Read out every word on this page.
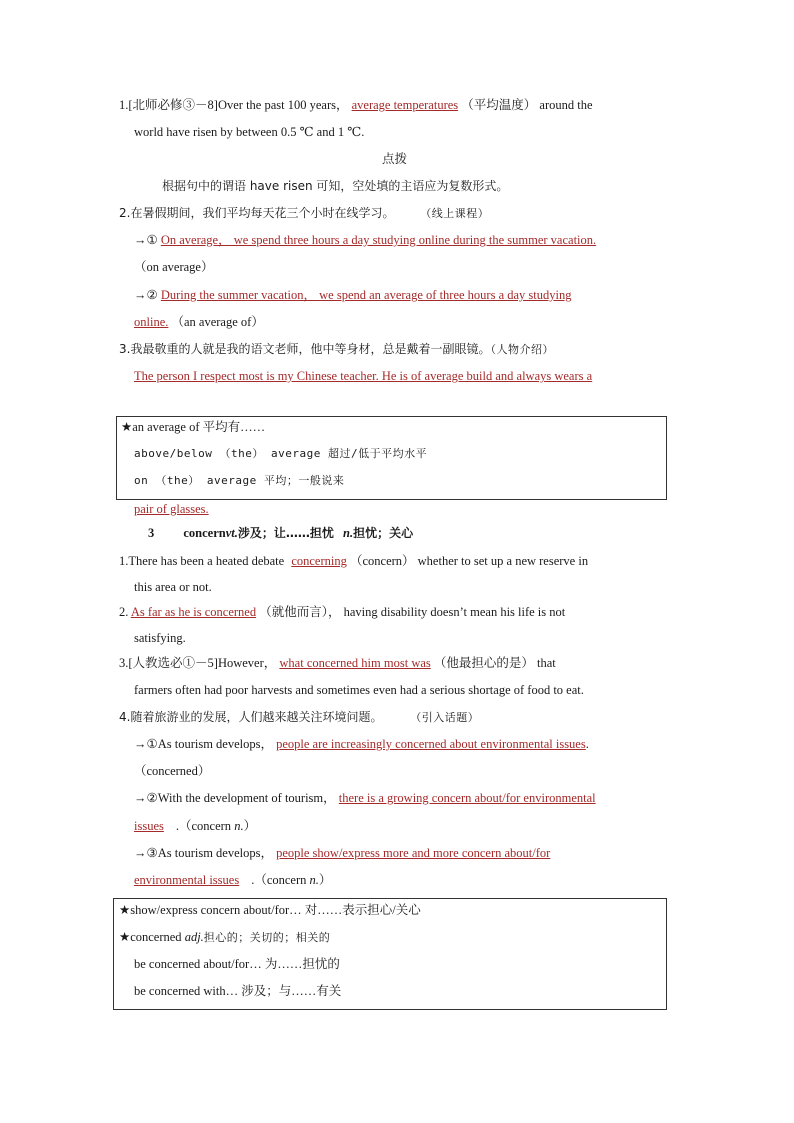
1.[北师必修③－8]Over the past 100 years， average temperatures （平均温度） around the
world have risen by between 0.5 ℃ and 1 ℃.
点拨
根据句中的谓语 have risen 可知，空处填的主语应为复数形式。
2.在暑假期间，我们平均每天花三个小时在线学习。 （线上课程）
→① On average， we spend three hours a day studying online during the summer vacation.
（on average）
→② During the summer vacation， we spend an average of three hours a day studying
online. （an average of）
3.我最敬重的人就是我的语文老师，他中等身材，总是戴着一副眼镜。（人物介绍）
The person I respect most is my Chinese teacher. He is of average build and always wears a
★an average of 平均有……
above/below （the） average 超过/低于平均水平
on （the） average 平均；一般说来
pair of glasses.
3 concernvt.涉及；让……担忧 n.担忧；关心
1.There has been a heated debate concerning （concern） whether to set up a new reserve in
this area or not.
2. As far as he is concerned （就他而言）， having disability doesn’t mean his life is not
satisfying.
3.[人教选必①－5]However， what concerned him most was （他最担心的是） that
farmers often had poor harvests and sometimes even had a serious shortage of food to eat.
4.随着旅游业的发展，人们越来越关注环境问题。	（引入话题）
→①As tourism develops， people are increasingly concerned about environmental issues.
（concerned）
→②With the development of tourism， there is a growing concern about/for environmental
issues .（concern n.）
→③As tourism develops， people show/express more and more concern about/for
environmental issues .（concern n.）
★show/express concern about/for… 对……表示担心/关心
★concerned adj.担心的；关切的；相关的
be concerned about/for… 为……担忧的
be concerned with… 涉及；与……有关
